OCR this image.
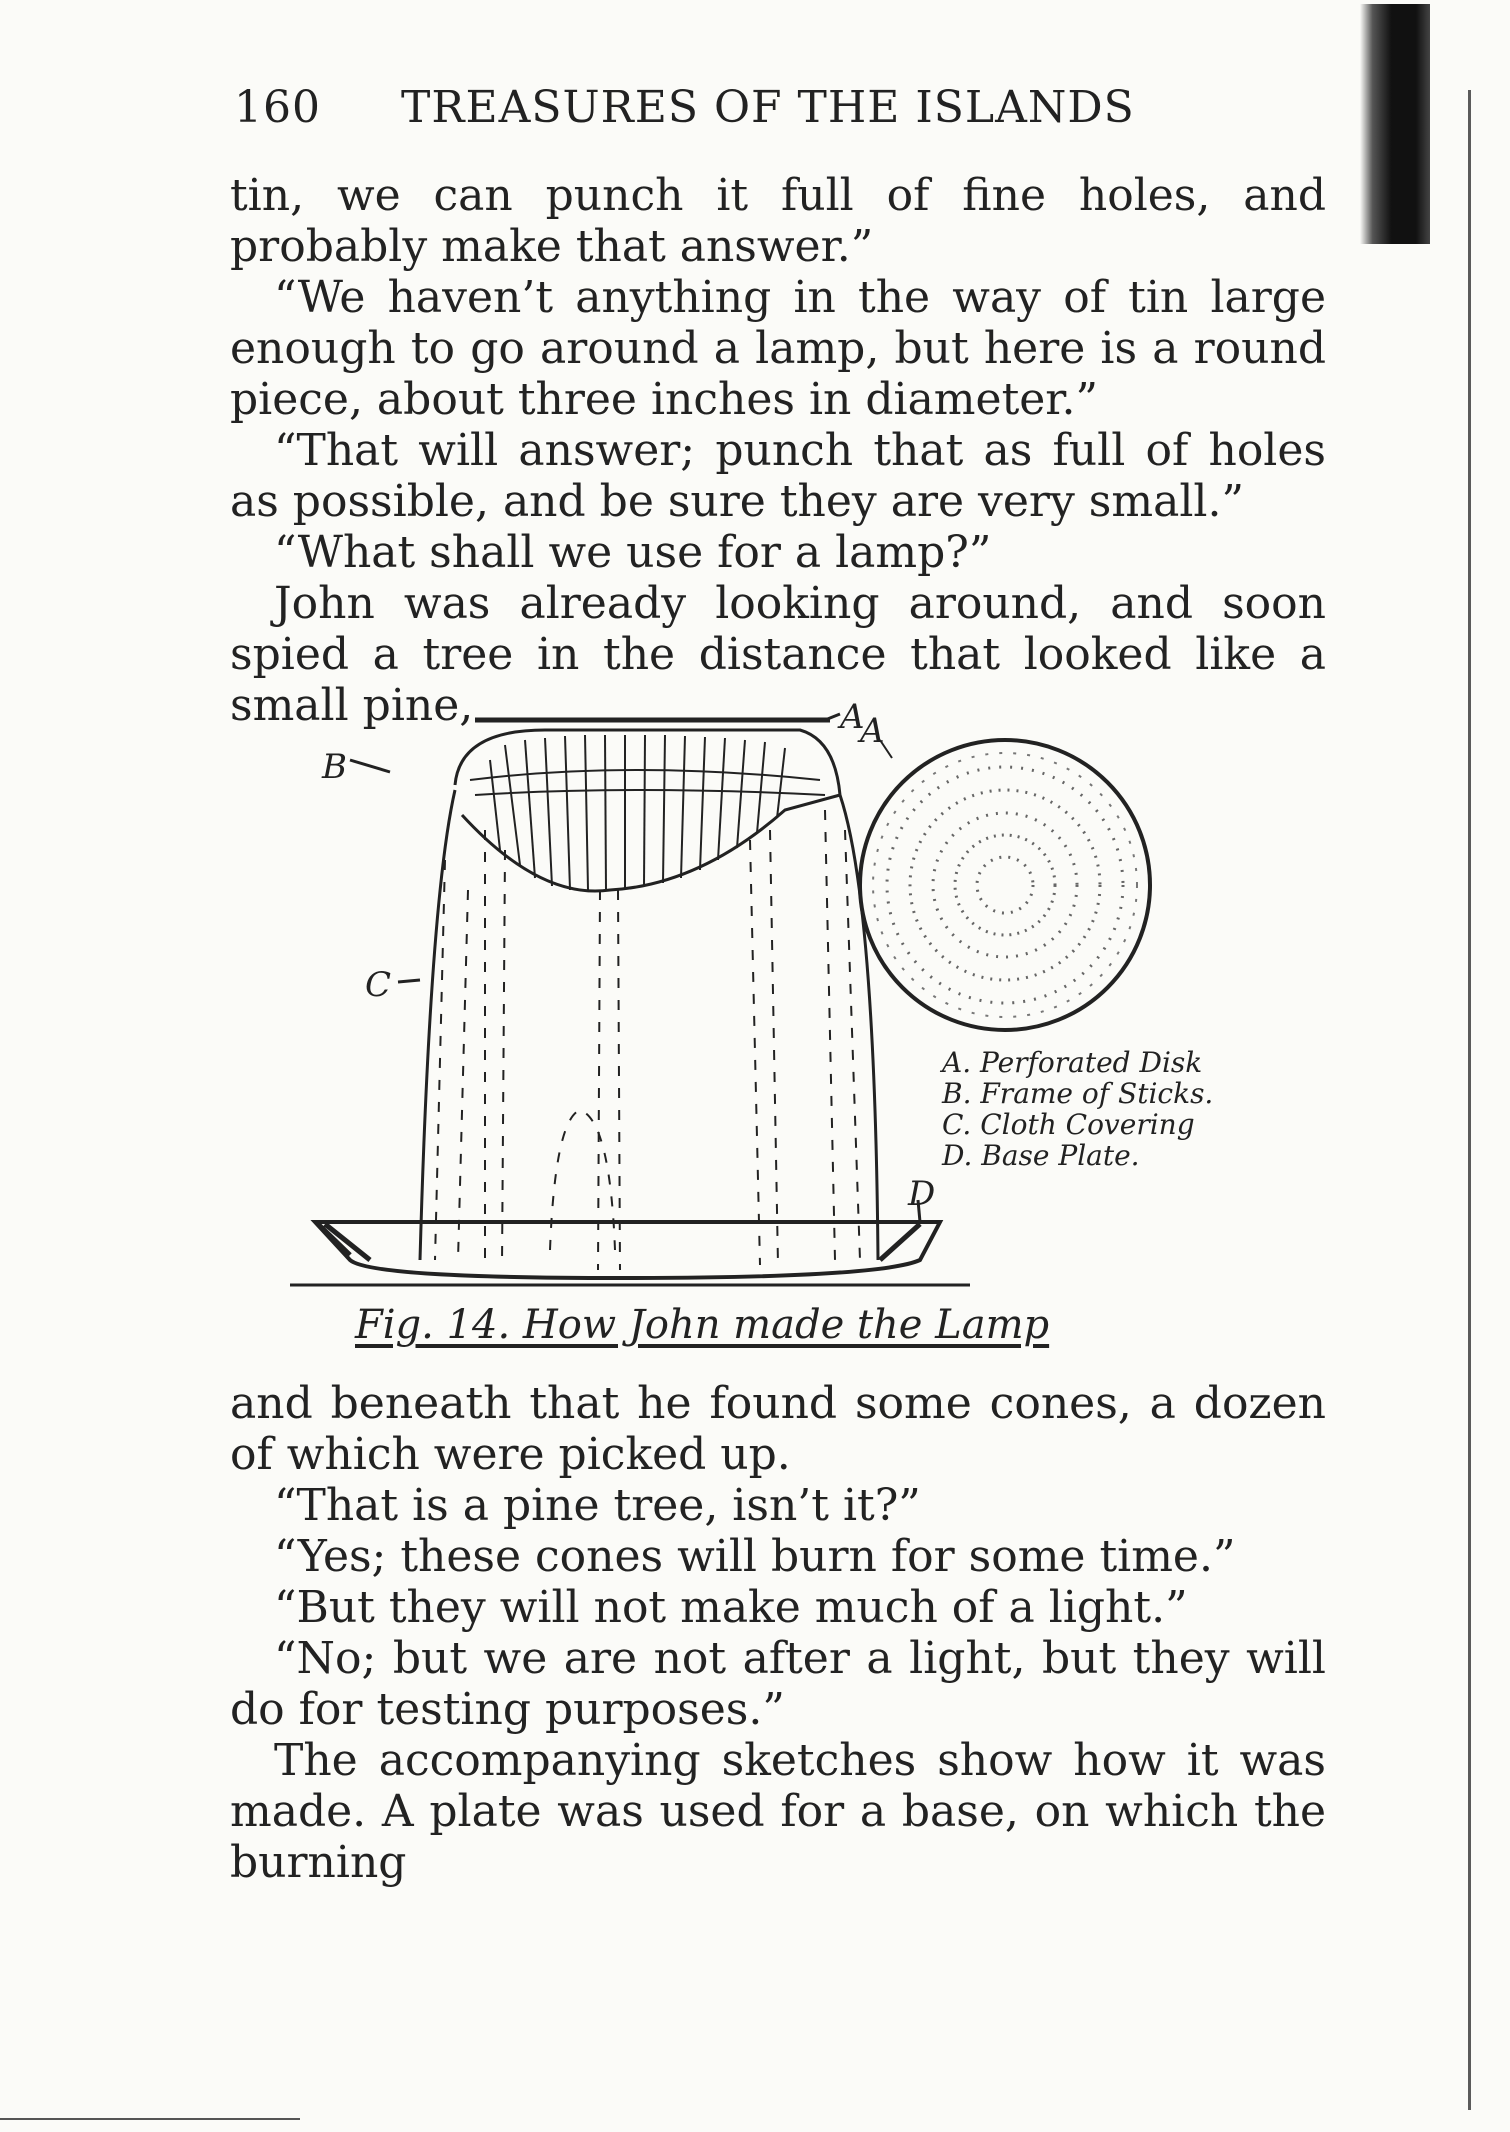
160 TREASURES OF THE ISLANDS

tin, we can punch it full of fine holes, and probably make that answer.”

“We haven’t anything in the way of tin large enough to go around a lamp, but here is a round piece, about three inches in diameter.”

“That will answer; punch that as full of holes as possible, and be sure they are very small.”

“What shall we use for a lamp?”

John was already looking around, and soon spied a tree in the distance that looked like a small pine,	A
B
C
D
A
A. Perforated Disk
B. Frame of Sticks.
C. Cloth Covering
D. Base Plate.
Fig. 14. How John made the Lamp

and beneath that he found some cones, a dozen of which were picked up.

“That is a pine tree, isn’t it?”

“Yes; these cones will burn for some time.”

“But they will not make much of a light.”

“No; but we are not after a light, but they will do for testing purposes.”

The accompanying sketches show how it was made. A plate was used for a base, on which the burning
